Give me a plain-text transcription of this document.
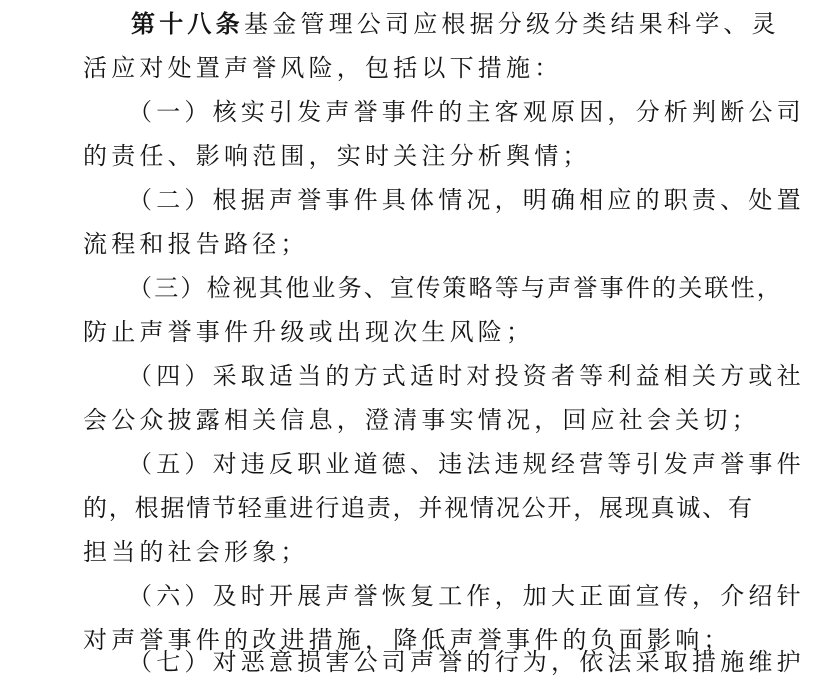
第十八条 基金管理公司应根据分级分类结果科学、灵
活应对处置声誉风险，包括以下措施：
（一）核实引发声誉事件的主客观原因，分析判断公司
的责任、影响范围，实时关注分析舆情；
（二）根据声誉事件具体情况，明确相应的职责、处置
流程和报告路径；
（三）检视其他业务、宣传策略等与声誉事件的关联性，
防止声誉事件升级或出现次生风险；
（四）采取适当的方式适时对投资者等利益相关方或社
会公众披露相关信息，澄清事实情况，回应社会关切；
（五）对违反职业道德、违法违规经营等引发声誉事件
的，根据情节轻重进行追责，并视情况公开，展现真诚、有
担当的社会形象；
（六）及时开展声誉恢复工作，加大正面宣传，介绍针
对声誉事件的改进措施，降低声誉事件的负面影响；
（七）对恶意损害公司声誉的行为，依法采取措施维护
